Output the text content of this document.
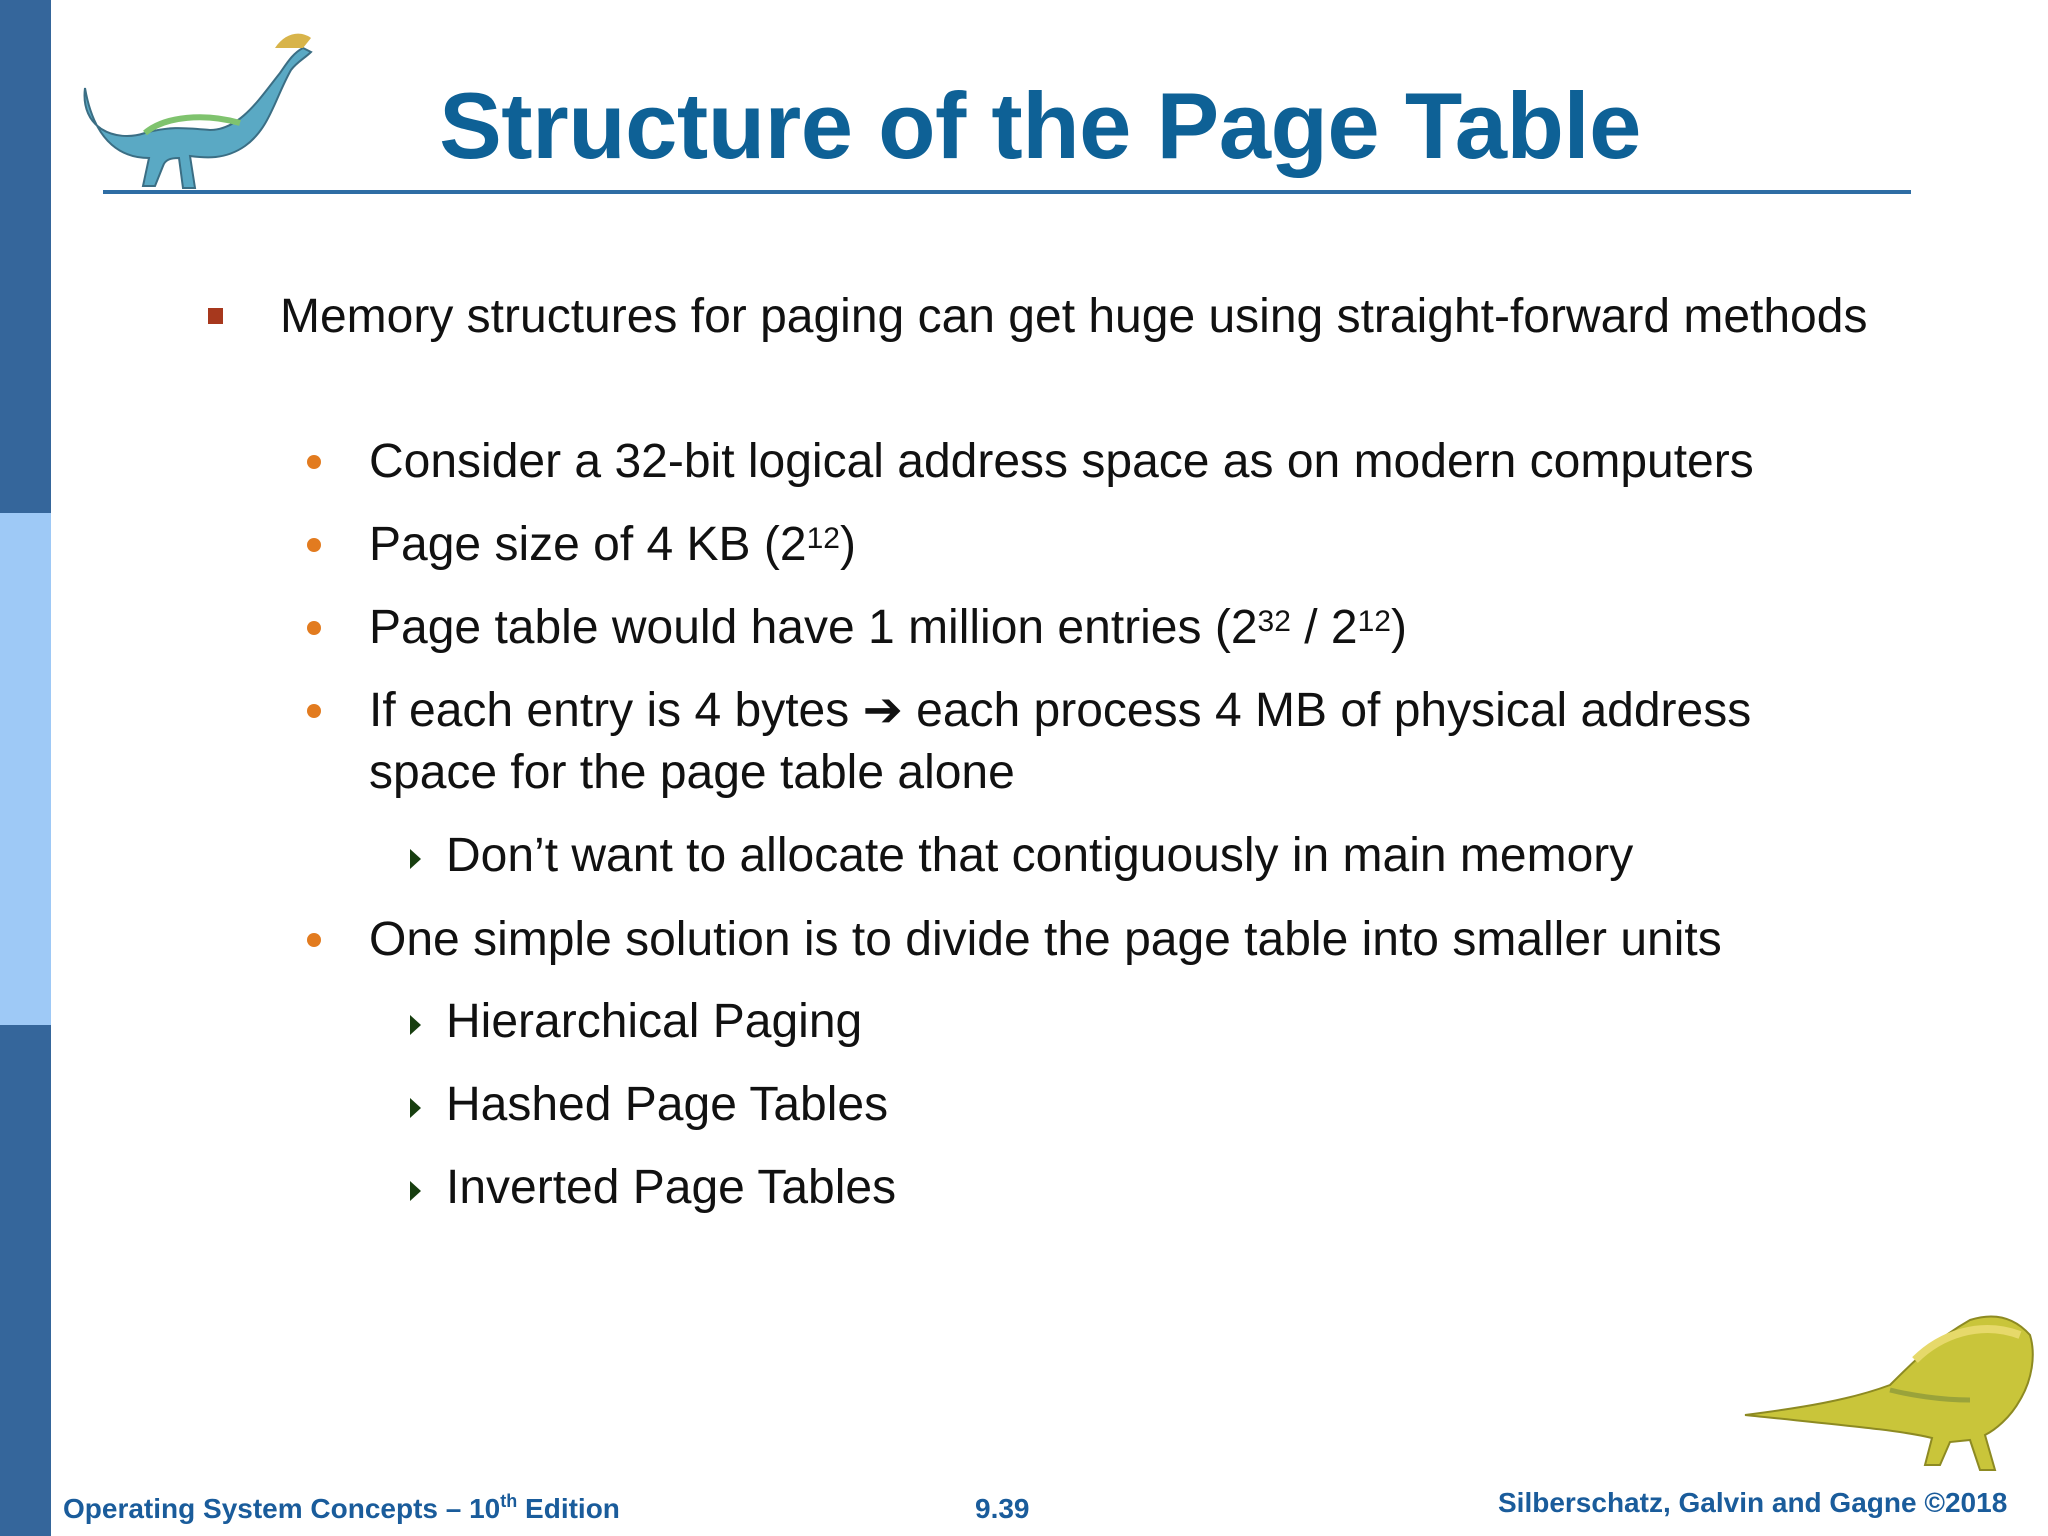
Structure of the Page Table
Memory structures for paging can get huge using straight-forward methods
Consider a 32-bit logical address space as on modern computers
Page size of 4 KB $(2^{12})$
Page table would have 1 million entries $(2^{32} / 2^{12})$
If each entry is 4 bytes ➔ each process 4 MB of physical address space for the page table alone
Don’t want to allocate that contiguously in main memory
One simple solution is to divide the page table into smaller units
Hierarchical Paging
Hashed Page Tables
Inverted Page Tables
Operating System Concepts – 10th Edition	9.39	Silberschatz, Galvin and Gagne ©2018
